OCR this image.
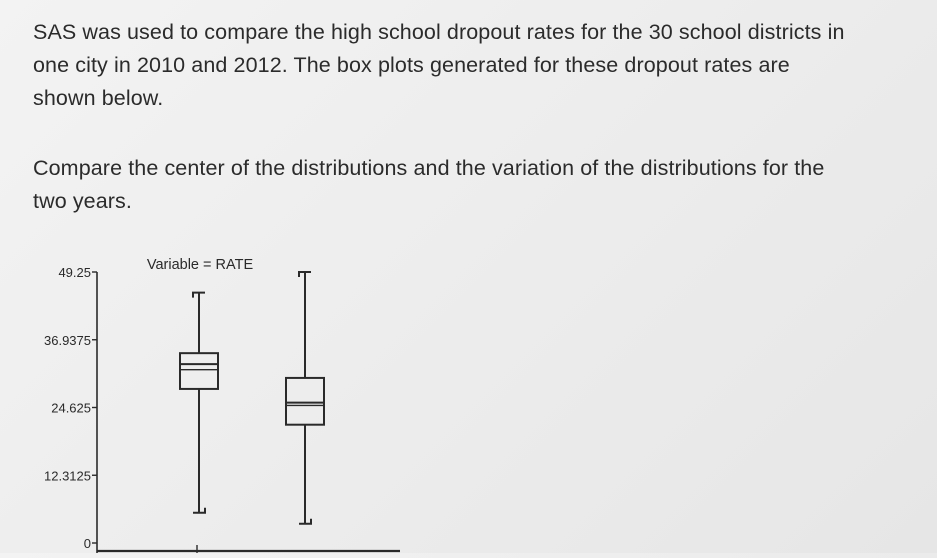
SAS was used to compare the high school dropout rates for the 30 school districts in
one city in 2010 and 2012. The box plots generated for these dropout rates are
shown below.

Compare the center of the distributions and the variation of the distributions for the
two years.

0
12.3125
24.625
36.9375
49.25	Variable = RATE
